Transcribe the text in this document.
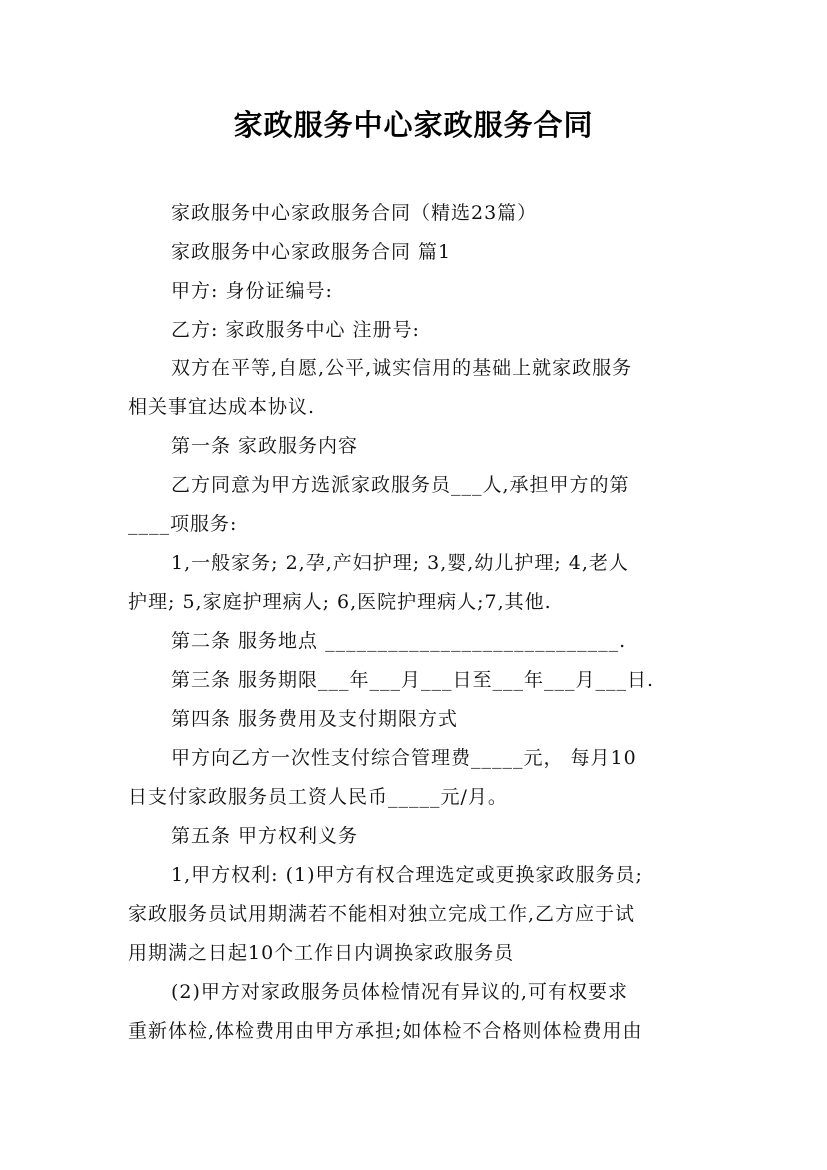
家政服务中心家政服务合同

家政服务中心家政服务合同（精选23篇）

家政服务中心家政服务合同 篇1

甲方: 身份证编号:

乙方: 家政服务中心 注册号:

双方在平等,自愿,公平,诚实信用的基础上就家政服务

相关事宜达成本协议.

第一条 家政服务内容

乙方同意为甲方选派家政服务员___人,承担甲方的第

____项服务:

1,一般家务; 2,孕,产妇护理; 3,婴,幼儿护理; 4,老人

护理; 5,家庭护理病人; 6,医院护理病人;7,其他.

第二条 服务地点 ____________________________.

第三条 服务期限___年___月___日至___年___月___日.

第四条 服务费用及支付期限方式

甲方向乙方一次性支付综合管理费_____元， 每月10

日支付家政服务员工资人民币_____元/月。

第五条 甲方权利义务

1,甲方权利: (1)甲方有权合理选定或更换家政服务员;

家政服务员试用期满若不能相对独立完成工作,乙方应于试

用期满之日起10个工作日内调换家政服务员

(2)甲方对家政服务员体检情况有异议的,可有权要求

重新体检,体检费用由甲方承担;如体检不合格则体检费用由
